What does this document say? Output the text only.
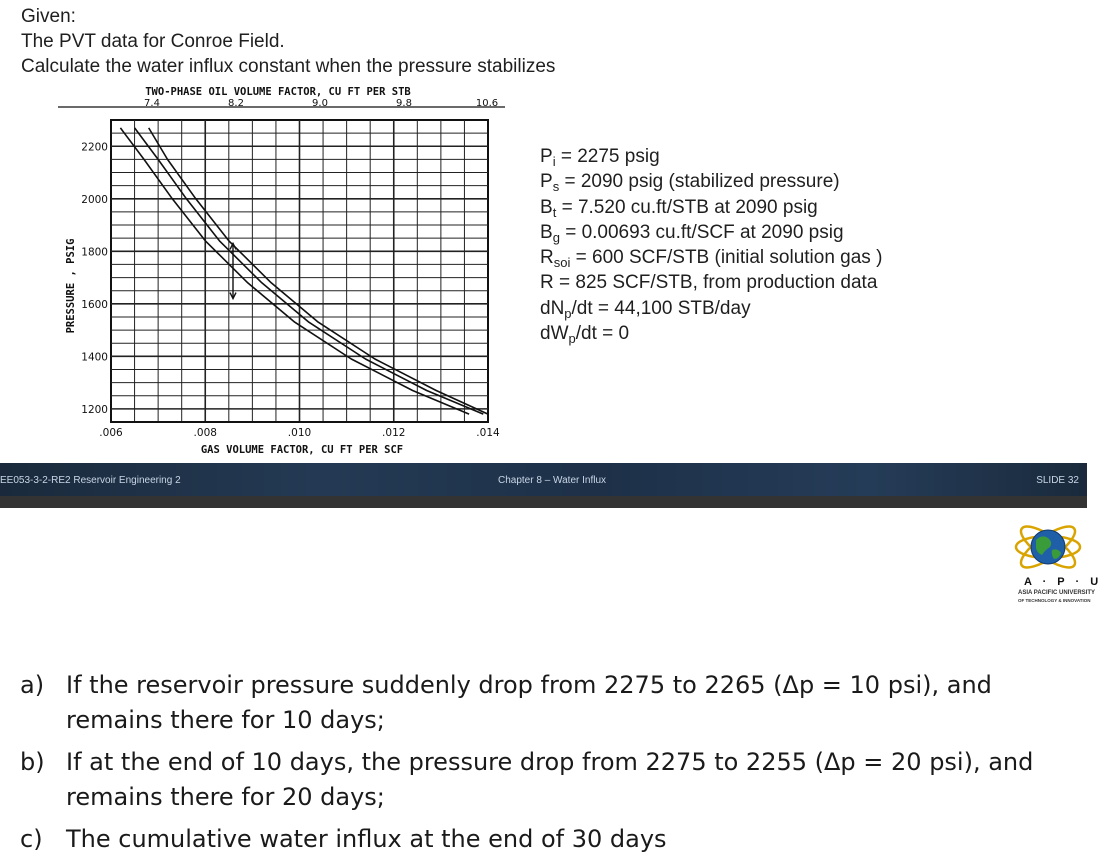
Given:
The PVT data for Conroe Field.
Calculate the water influx constant when the pressure stabilizes
TWO-PHASE OIL VOLUME FACTOR, CU FT PER STB
2200
2000
1800
1600
1400
1200
.006	.008	.010	.012	.014
7.4	8.2	9.0	9.8	10.6
PRESSURE , PSIG
GAS VOLUME FACTOR, CU FT PER SCF
$P_i = 2275$ psig
$P_s = 2090$ psig (stabilized pressure)
$B_t = 7.520$ cu.ft/STB at 2090 psig
$B_g = 0.00693$ cu.ft/SCF at 2090 psig
$R_{soi} = 600$ SCF/STB (initial solution gas )
R = 825 SCF/STB, from production data
$dN_p/dt = 44,100$ STB/day
$dW_p/dt = 0$
EE053-3-2-RE2 Reservoir Engineering 2	Chapter 8 – Water Influx	SLIDE 32
A · P · U
ASIA PACIFIC UNIVERSITY
OF TECHNOLOGY & INNOVATION
a) If the reservoir pressure suddenly drop from 2275 to 2265 (Δp = 10 psi), and remains there for 10 days;
b) If at the end of 10 days, the pressure drop from 2275 to 2255 (Δp = 20 psi), and remains there for 20 days;
c) The cumulative water influx at the end of 30 days
